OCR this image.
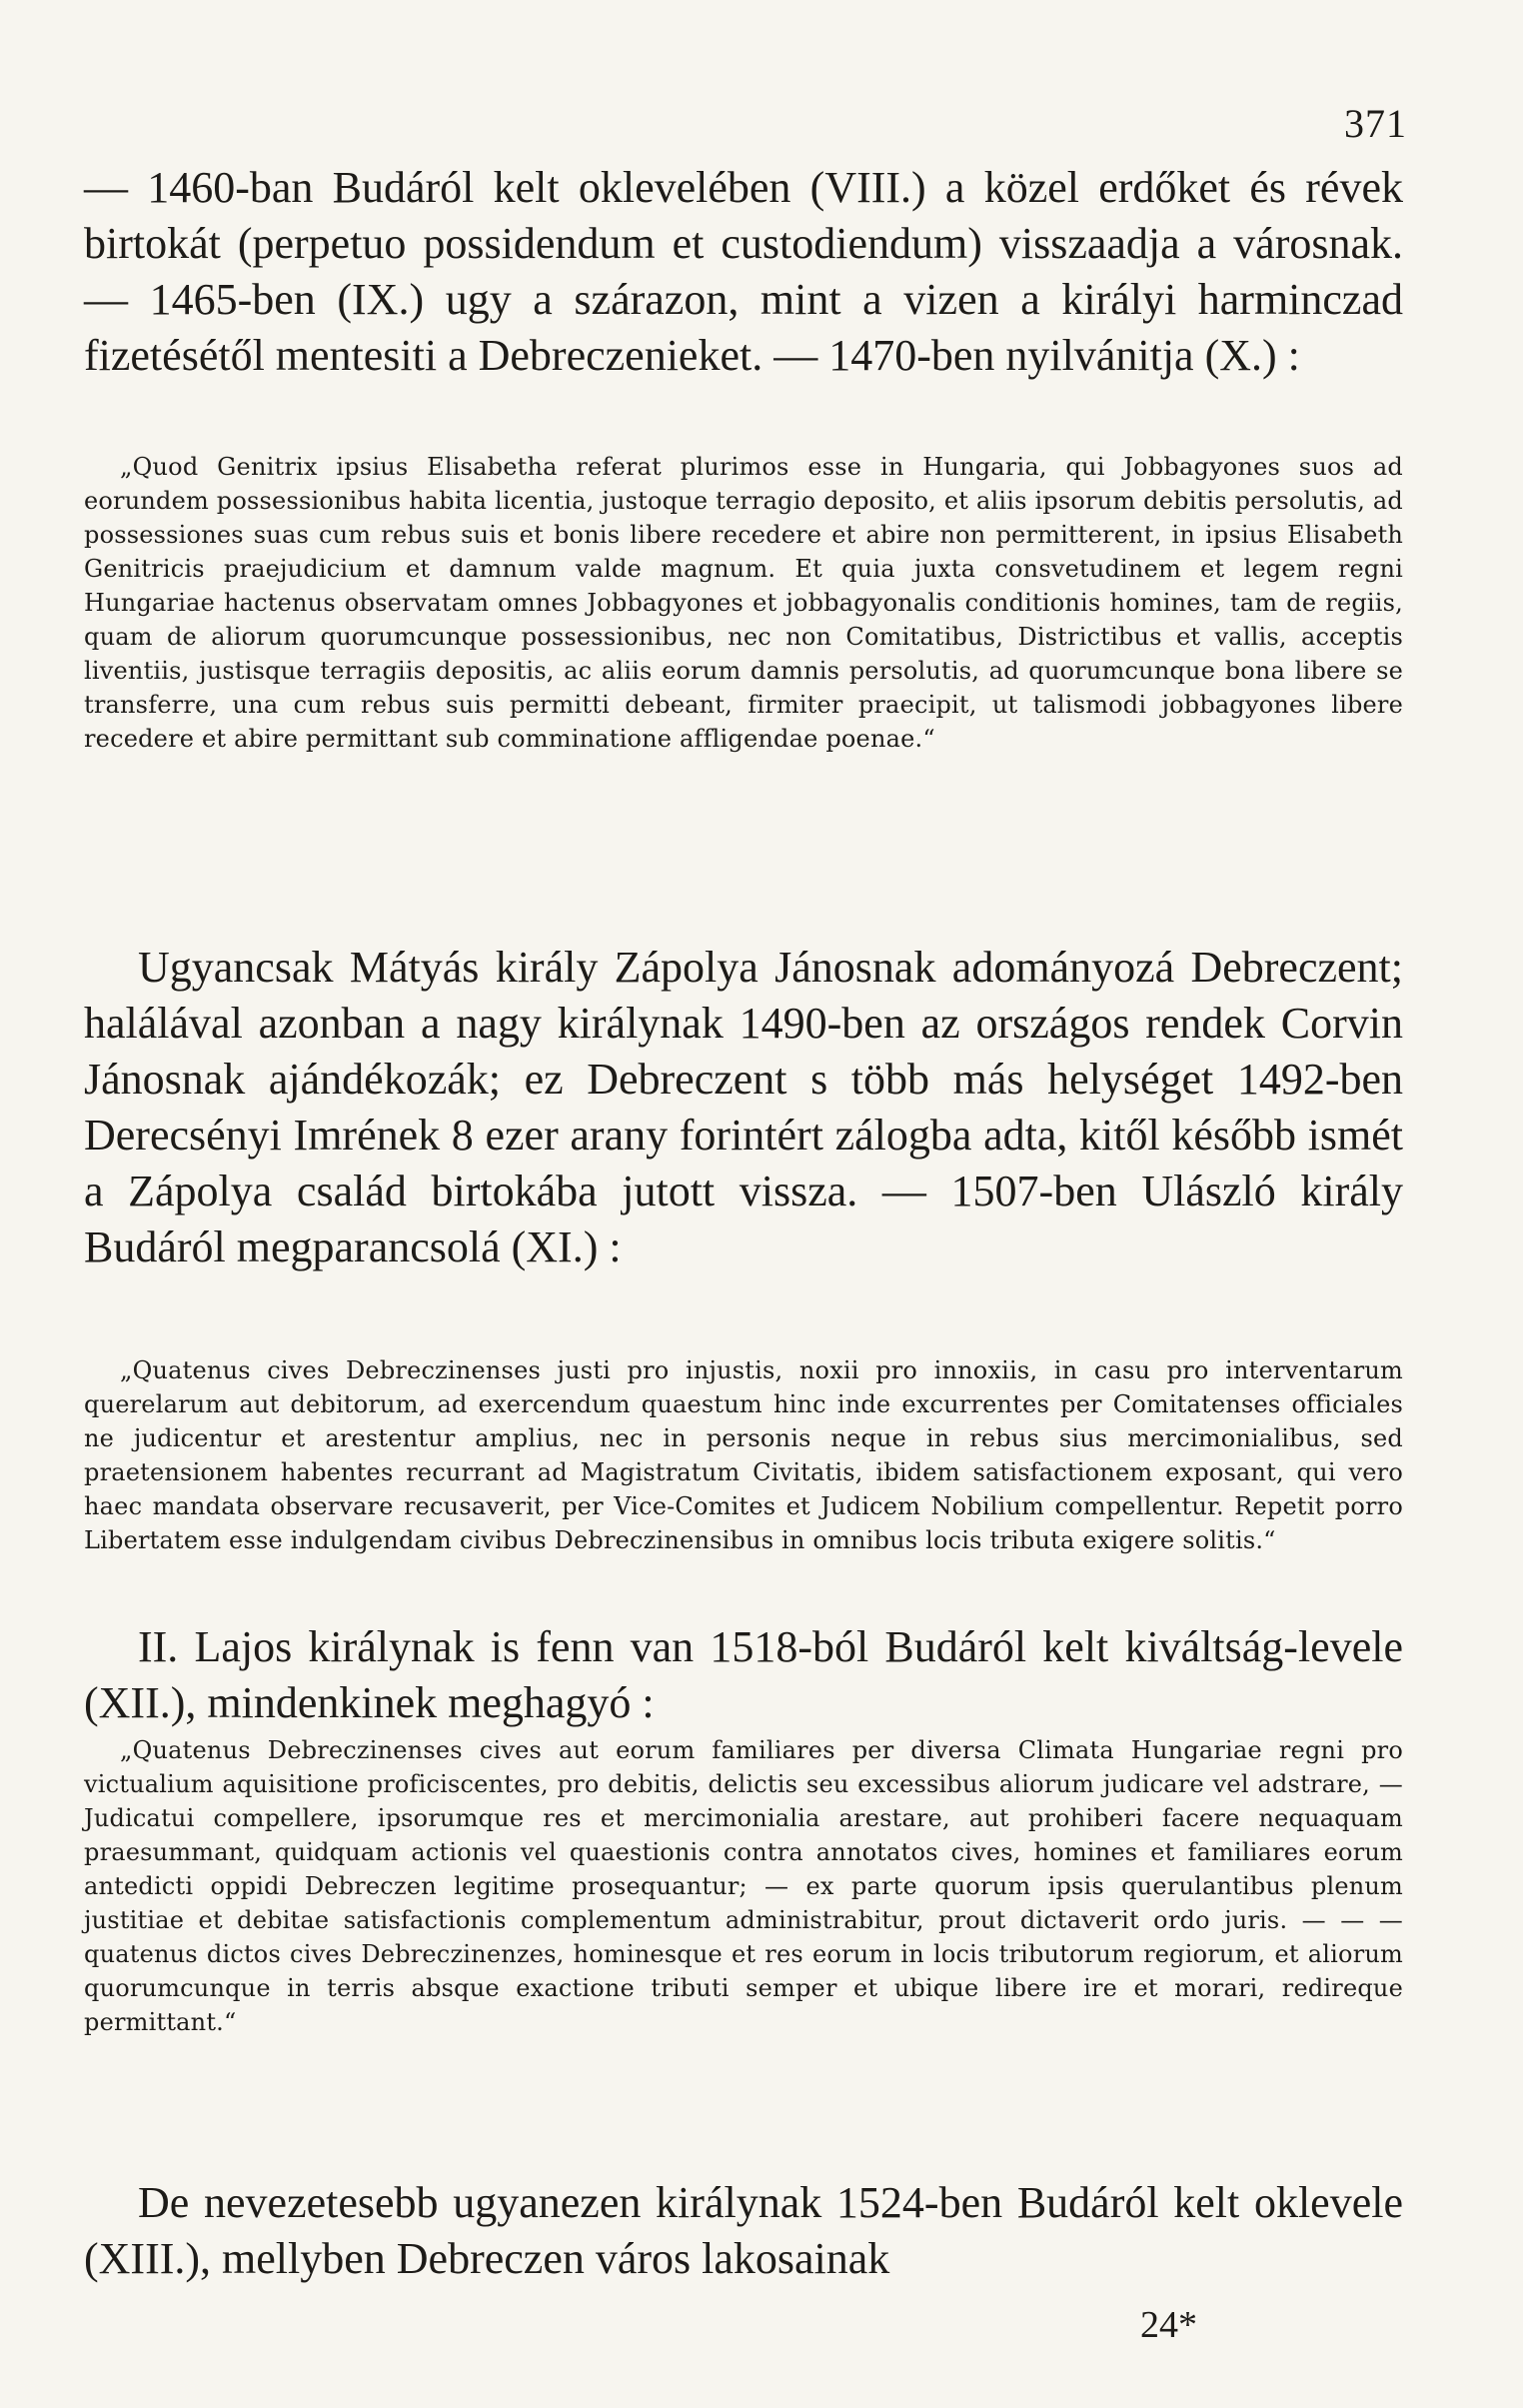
371
— 1460-ban Budáról kelt oklevelében (VIII.) a közel erdőket és révek birtokát (perpetuo possidendum et custodiendum) visszaadja a városnak. — 1465-ben (IX.) ugy a szárazon, mint a vizen a királyi harminczad fizetésétől mentesiti a Debreczenieket. — 1470-ben nyilvánitja (X.) :
„Quod Genitrix ipsius Elisabetha referat plurimos esse in Hungaria, qui Jobbagyones suos ad eorundem possessionibus habita licentia, justoque terragio deposito, et aliis ipsorum debitis persolutis, ad possessiones suas cum rebus suis et bonis libere recedere et abire non permitterent, in ipsius Elisabeth Genitricis praejudicium et damnum valde magnum. Et quia juxta consvetudinem et legem regni Hungariae hactenus observatam omnes Jobbagyones et jobbagyonalis conditionis homines, tam de regiis, quam de aliorum quorumcunque possessionibus, nec non Comitatibus, Districtibus et vallis, acceptis liventiis, justisque terragiis depositis, ac aliis eorum damnis persolutis, ad quorumcunque bona libere se transferre, una cum rebus suis permitti debeant, firmiter praecipit, ut talismodi jobbagyones libere recedere et abire permittant sub comminatione affligendae poenae.“
Ugyancsak Mátyás király Zápolya Jánosnak adományozá Debreczent; halálával azonban a nagy királynak 1490-ben az országos rendek Corvin Jánosnak ajándékozák; ez Debreczent s több más helységet 1492-ben Derecsényi Imrének 8 ezer arany forintért zálogba adta, kitől később ismét a Zápolya család birtokába jutott vissza. — 1507-ben Ulászló király Budáról megparancsolá (XI.) :
„Quatenus cives Debreczinenses justi pro injustis, noxii pro innoxiis, in casu pro interventarum querelarum aut debitorum, ad exercendum quaestum hinc inde excurrentes per Comitatenses officiales ne judicentur et arestentur amplius, nec in personis neque in rebus sius mercimonialibus, sed praetensionem habentes recurrant ad Magistratum Civitatis, ibidem satisfactionem exposant, qui vero haec mandata observare recusaverit, per Vice-Comites et Judicem Nobilium compellentur. Repetit porro Libertatem esse indulgendam civibus Debreczinensibus in omnibus locis tributa exigere solitis.“
II. Lajos királynak is fenn van 1518-ból Budáról kelt kiváltság-levele (XII.), mindenkinek meghagyó :
„Quatenus Debreczinenses cives aut eorum familiares per diversa Climata Hungariae regni pro victualium aquisitione proficiscentes, pro debitis, delictis seu excessibus aliorum judicare vel adstrare, — Judicatui compellere, ipsorumque res et mercimonialia arestare, aut prohiberi facere nequaquam praesummant, quidquam actionis vel quaestionis contra annotatos cives, homines et familiares eorum antedicti oppidi Debreczen legitime prosequantur; — ex parte quorum ipsis querulantibus plenum justitiae et debitae satisfactionis complementum administrabitur, prout dictaverit ordo juris. — — — quatenus dictos cives Debreczinenzes, hominesque et res eorum in locis tributorum regiorum, et aliorum quorumcunque in terris absque exactione tributi semper et ubique libere ire et morari, redireque permittant.“
De nevezetesebb ugyanezen királynak 1524-ben Budáról kelt oklevele (XIII.), mellyben Debreczen város lakosainak
24*
